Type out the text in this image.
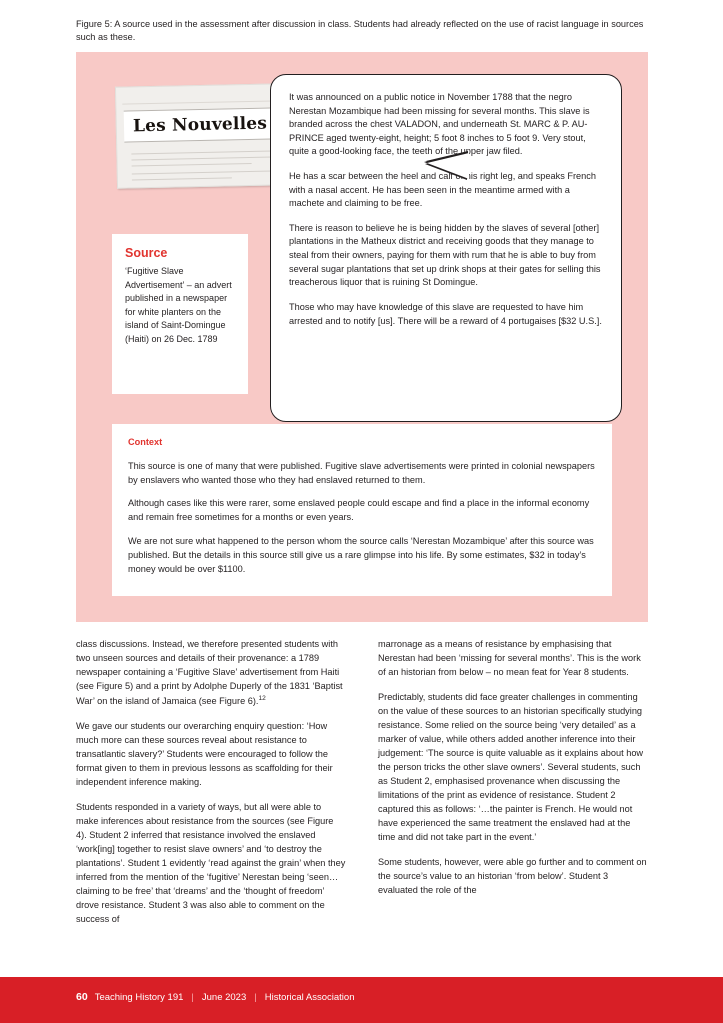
Figure 5: A source used in the assessment after discussion in class. Students had already reflected on the use of racist language in sources such as these.
Les Nouvelles

It was announced on a public notice in November 1788 that the negro Nerestan Mozambique had been missing for several months. This slave is branded across the chest VALADON, and underneath St. MARC & P. AU-PRINCE aged twenty-eight, height; 5 foot 8 inches to 5 foot 9. Very stout, quite a good-looking face, the teeth of the upper jaw filed.

He has a scar between the heel and calf of his right leg, and speaks French with a nasal accent. He has been seen in the meantime armed with a machete and claiming to be free.

There is reason to believe he is being hidden by the slaves of several [other] plantations in the Matheux district and receiving goods that they manage to steal from their owners, paying for them with rum that he is able to buy from several sugar plantations that set up drink shops at their gates for selling this treacherous liquor that is ruining St Domingue.

Those who may have knowledge of this slave are requested to have him arrested and to notify [us]. There will be a reward of 4 portugaises [$32 U.S.].

Source

‘Fugitive Slave Advertisement’ – an advert published in a newspaper for white planters on the island of Saint-Domingue (Haiti) on 26 Dec. 1789

Context

This source is one of many that were published. Fugitive slave advertisements were printed in colonial newspapers by enslavers who wanted those who they had enslaved returned to them.

Although cases like this were rarer, some enslaved people could escape and find a place in the informal economy and remain free sometimes for a months or even years.

We are not sure what happened to the person whom the source calls ‘Nerestan Mozambique’ after this source was published. But the details in this source still give us a rare glimpse into his life. By some estimates, $32 in today’s money would be over $1100.

class discussions. Instead, we therefore presented students with two unseen sources and details of their provenance: a 1789 newspaper containing a ‘Fugitive Slave’ advertisement from Haiti (see Figure 5) and a print by Adolphe Duperly of the 1831 ‘Baptist War’ on the island of Jamaica (see Figure 6).$^{12}$

We gave our students our overarching enquiry question: ‘How much more can these sources reveal about resistance to transatlantic slavery?’ Students were encouraged to follow the format given to them in previous lessons as scaffolding for their independent inference making.

Students responded in a variety of ways, but all were able to make inferences about resistance from the sources (see Figure 4). Student 2 inferred that resistance involved the enslaved ‘work[ing] together to resist slave owners’ and ‘to destroy the plantations’. Student 1 evidently ‘read against the grain’ when they inferred from the mention of the ‘fugitive’ Nerestan being ‘seen… claiming to be free’ that ‘dreams’ and the ‘thought of freedom’ drove resistance. Student 3 was also able to comment on the success of

marronage as a means of resistance by emphasising that Nerestan had been ‘missing for several months’. This is the work of an historian from below – no mean feat for Year 8 students.

Predictably, students did face greater challenges in commenting on the value of these sources to an historian specifically studying resistance. Some relied on the source being ‘very detailed’ as a marker of value, while others added another inference into their judgement: ‘The source is quite valuable as it explains about how the person tricks the other slave owners’. Several students, such as Student 2, emphasised provenance when discussing the limitations of the print as evidence of resistance. Student 2 captured this as follows: ‘…the painter is French. He would not have experienced the same treatment the enslaved had at the time and did not take part in the event.’

Some students, however, were able go further and to comment on the source’s value to an historian ‘from below’. Student 3 evaluated the role of the

60 Teaching History 191 | June 2023 | Historical Association
